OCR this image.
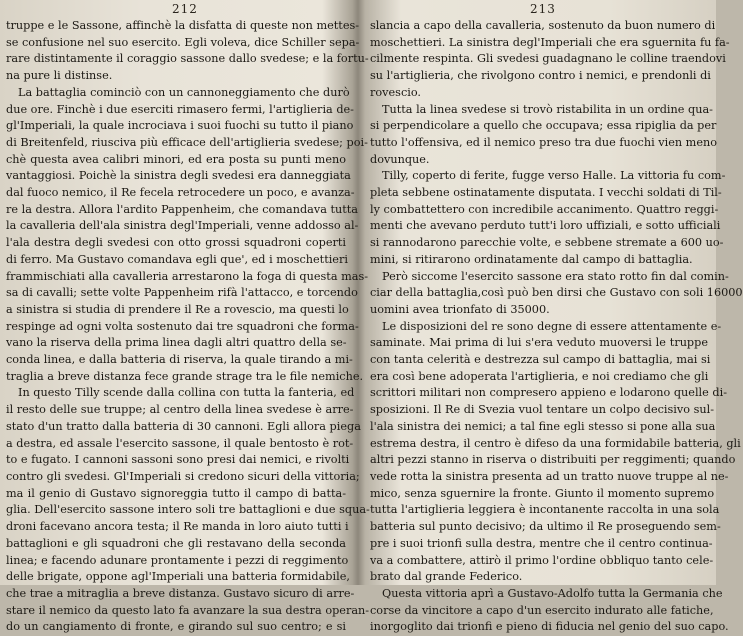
212
truppe e le Sassone, affinchè la disfatta di queste non mettes-
se confusione nel suo esercito. Egli voleva, dice Schiller sepa-
rare distintamente il coraggio sassone dallo svedese; e la fortu-
na pure li distinse.
La battaglia cominciò con un cannoneggiamento che durò
due ore. Finchè i due eserciti rimasero fermi, l'artiglieria de-
gl'Imperiali, la quale incrociava i suoi fuochi su tutto il piano
di Breitenfeld, riusciva più efficace dell'artiglieria svedese; poi-
chè questa avea calibri minori, ed era posta su punti meno
vantaggiosi. Poichè la sinistra degli svedesi era danneggiata
dal fuoco nemico, il Re fecela retrocedere un poco, e avanza-
re la destra. Allora l'ardito Pappenheim, che comandava tutta
la cavalleria dell'ala sinistra degl'Imperiali, venne addosso al-
l'ala destra degli svedesi con otto grossi squadroni coperti
di ferro. Ma Gustavo comandava egli que', ed i moschettieri
frammischiati alla cavalleria arrestarono la foga di questa mas-
sa di cavalli; sette volte Pappenheim rifà l'attacco, e torcendo
a sinistra si studia di prendere il Re a rovescio, ma questi lo
respinge ad ogni volta sostenuto dai tre squadroni che forma-
vano la riserva della prima linea dagli altri quattro della se-
conda linea, e dalla batteria di riserva, la quale tirando a mi-
traglia a breve distanza fece grande strage tra le file nemiche.
In questo Tilly scende dalla collina con tutta la fanteria, ed
il resto delle sue truppe; al centro della linea svedese è arre-
stato d'un tratto dalla batteria di 30 cannoni. Egli allora piega
a destra, ed assale l'esercito sassone, il quale bentosto è rot-
to e fugato. I cannoni sassoni sono presi dai nemici, e rivolti
contro gli svedesi. Gl'Imperiali si credono sicuri della vittoria;
ma il genio di Gustavo signoreggia tutto il campo di batta-
glia. Dell'esercito sassone intero soli tre battaglioni e due squa-
droni facevano ancora testa; il Re manda in loro aiuto tutti i
battaglioni e gli squadroni che gli restavano della seconda
linea; e facendo adunare prontamente i pezzi di reggimento
delle brigate, oppone agl'Imperiali una batteria formidabile,
che trae a mitraglia a breve distanza. Gustavo sicuro di arre-
stare il nemico da questo lato fa avanzare la sua destra operan-
do un cangiamento di fronte, e girando sul suo centro; e si
213
slancia a capo della cavalleria, sostenuto da buon numero di
moschettieri. La sinistra degl'Imperiali che era sguernita fu fa-
cilmente respinta. Gli svedesi guadagnano le colline traendovi
su l'artiglieria, che rivolgono contro i nemici, e prendonli di
rovescio.
Tutta la linea svedese si trovò ristabilita in un ordine qua-
si perpendicolare a quello che occupava; essa ripiglia da per
tutto l'offensiva, ed il nemico preso tra due fuochi vien meno
dovunque.
Tilly, coperto di ferite, fugge verso Halle. La vittoria fu com-
pleta sebbene ostinatamente disputata. I vecchi soldati di Til-
ly combattettero con incredibile accanimento. Quattro reggi-
menti che avevano perduto tutt'i loro uffiziali, e sotto ufficiali
si rannodarono parecchie volte, e sebbene stremate a 600 uo-
mini, si ritirarono ordinatamente dal campo di battaglia.
Però siccome l'esercito sassone era stato rotto fin dal comin-
ciar della battaglia,così può ben dirsi che Gustavo con soli 16000
uomini avea trionfato di 35000.
Le disposizioni del re sono degne di essere attentamente e-
saminate. Mai prima di lui s'era veduto muoversi le truppe
con tanta celerità e destrezza sul campo di battaglia, mai si
era così bene adoperata l'artiglieria, e noi crediamo che gli
scrittori militari non compresero appieno e lodarono quelle di-
sposizioni. Il Re di Svezia vuol tentare un colpo decisivo sul-
l'ala sinistra dei nemici; a tal fine egli stesso si pone alla sua
estrema destra, il centro è difeso da una formidabile batteria, gli
altri pezzi stanno in riserva o distribuiti per reggimenti; quando
vede rotta la sinistra presenta ad un tratto nuove truppe al ne-
mico, senza sguernire la fronte. Giunto il momento supremo
tutta l'artiglieria leggiera è incontanente raccolta in una sola
batteria sul punto decisivo; da ultimo il Re proseguendo sem-
pre i suoi trionfi sulla destra, mentre che il centro continua-
va a combattere, attirò il primo l'ordine obbliquo tanto cele-
brato dal grande Federico.
Questa vittoria aprì a Gustavo-Adolfo tutta la Germania che
corse da vincitore a capo d'un esercito indurato alle fatiche,
inorgoglito dai trionfi e pieno di fiducia nel genio del suo capo.
